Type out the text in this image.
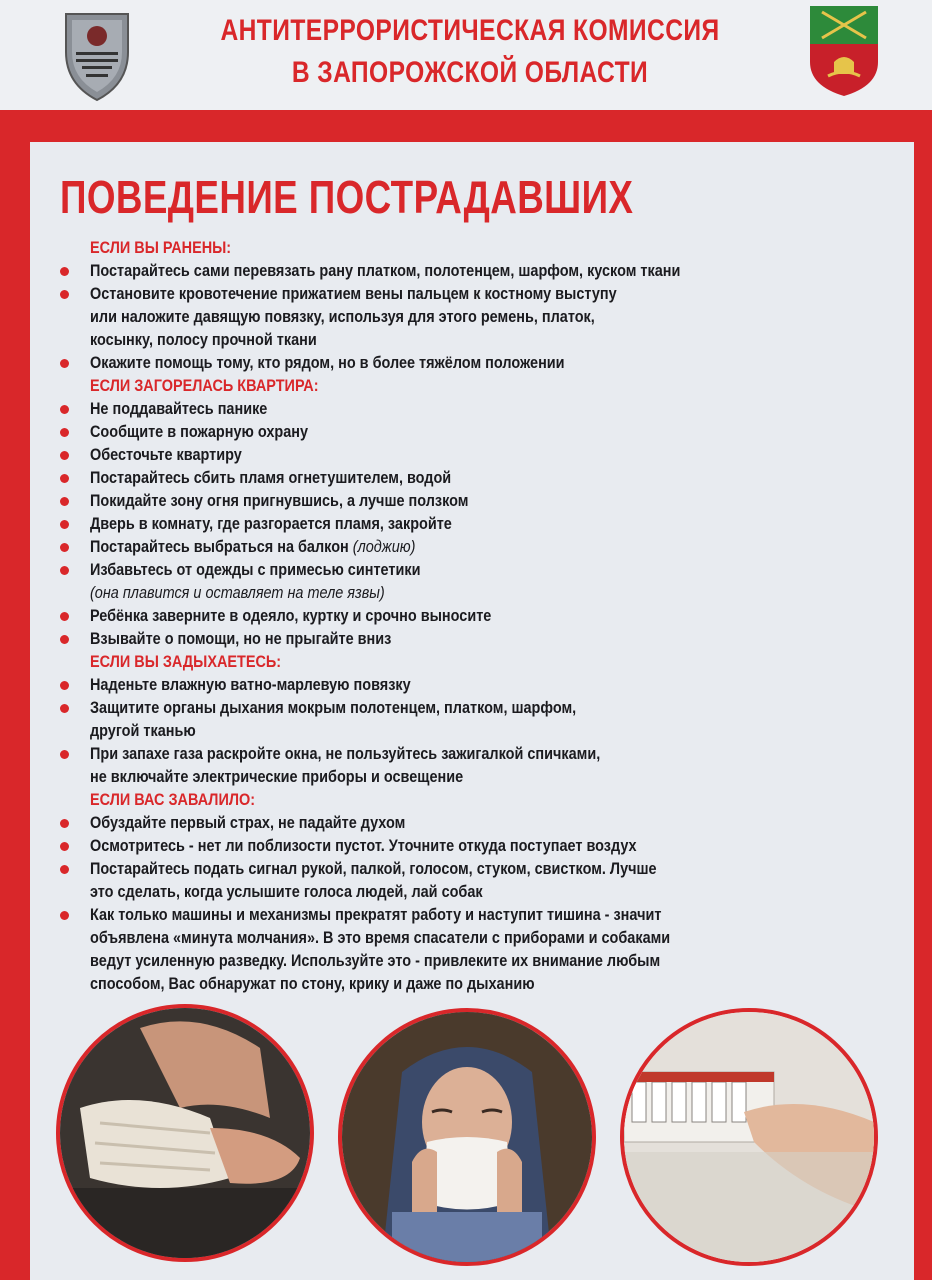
АНТИТЕРРОРИСТИЧЕСКАЯ КОМИССИЯ
В ЗАПОРОЖСКОЙ ОБЛАСТИ
ПОВЕДЕНИЕ ПОСТРАДАВШИХ
ЕСЛИ ВЫ РАНЕНЫ:
Постарайтесь сами перевязать рану платком, полотенцем, шарфом, куском ткани
Остановите кровотечение прижатием вены пальцем к костному выступу
или наложите давящую повязку, используя для этого ремень, платок,
косынку, полосу прочной ткани
Окажите помощь тому, кто рядом, но в более тяжёлом положении
ЕСЛИ ЗАГОРЕЛАСЬ КВАРТИРА:
Не поддавайтесь панике
Сообщите в пожарную охрану
Обесточьте квартиру
Постарайтесь сбить пламя огнетушителем, водой
Покидайте зону огня пригнувшись, а лучше ползком
Дверь в комнату, где разгорается пламя, закройте
Постарайтесь выбраться на балкон (лоджию)
Избавьтесь от одежды с примесью синтетики
(она плавится и оставляет на теле язвы)
Ребёнка заверните в одеяло, куртку и срочно выносите
Взывайте о помощи, но не прыгайте вниз
ЕСЛИ ВЫ ЗАДЫХАЕТЕСЬ:
Наденьте влажную ватно-марлевую повязку
Защитите органы дыхания мокрым полотенцем, платком, шарфом,
другой тканью
При запахе газа раскройте окна, не пользуйтесь зажигалкой спичками,
не включайте электрические приборы и освещение
ЕСЛИ ВАС ЗАВАЛИЛО:
Обуздайте первый страх, не падайте духом
Осмотритесь - нет ли поблизости пустот. Уточните откуда поступает воздух
Постарайтесь подать сигнал рукой, палкой, голосом, стуком, свистком. Лучше
это сделать, когда услышите голоса людей, лай собак
Как только машины и механизмы прекратят работу и наступит тишина - значит
объявлена «минута молчания». В это время спасатели с приборами и собаками
ведут усиленную разведку. Используйте это - привлеките их внимание любым
способом, Вас обнаружат по стону, крику и даже по дыханию
